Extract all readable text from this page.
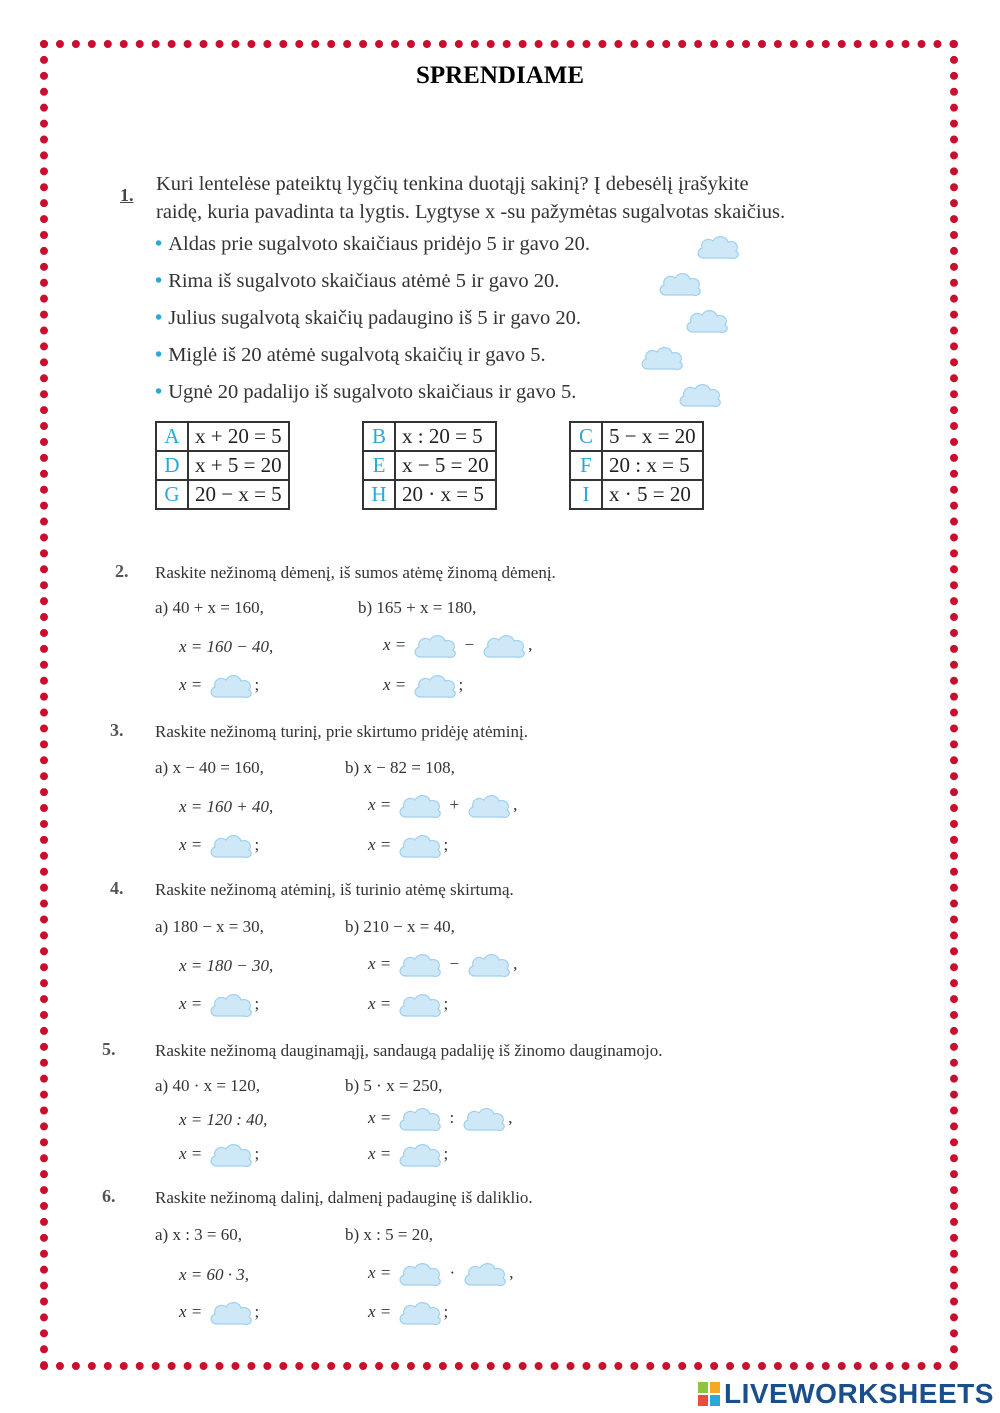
SPRENDIAME
1. Kuri lentelėse pateiktų lygčių tenkina duotąjį sakinį? Į debesėlį įrašykite
raidę, kuria pavadinta ta lygtis. Lygtyse x -su pažymėtas sugalvotas skaičius.
• Aldas prie sugalvoto skaičiaus pridėjo 5 ir gavo 20.
• Rima iš sugalvoto skaičiaus atėmė 5 ir gavo 20.
• Julius sugalvotą skaičių padaugino iš 5 ir gavo 20.
• Miglė iš 20 atėmė sugalvotą skaičių ir gavo 5.
• Ugnė 20 padalijo iš sugalvoto skaičiaus ir gavo 5.
A	x + 20 = 5
D	x + 5 = 20
G	20 − x = 5
B	x : 20 = 5
E	x − 5 = 20
H	20 · x = 5
C	5 − x = 20
F	20 : x = 5
I	x · 5 = 20
2. Raskite nežinomą dėmenį, iš sumos atėmę žinomą dėmenį.
a) 40 + x = 160,	b) 165 + x = 180,
x = 160 − 40,
x =	;
x =	−	,
x =	;
3. Raskite nežinomą turinį, prie skirtumo pridėję atėminį.
a) x − 40 = 160,	b) x − 82 = 108,
x = 160 + 40,
x =	;
x =	+	,
x =	;
4. Raskite nežinomą atėminį, iš turinio atėmę skirtumą.
a) 180 − x = 30,	b) 210 − x = 40,
x = 180 − 30,
x =	;
x =	−	,
x =	;
5. Raskite nežinomą dauginamąjį, sandaugą padaliję iš žinomo dauginamojo.
a) 40 · x = 120,	b) 5 · x = 250,
x = 120 : 40,
x =	;
x =	:	,
x =	;
6. Raskite nežinomą dalinį, dalmenį padauginę iš daliklio.
a) x : 3 = 60,	b) x : 5 = 20,
x = 60 · 3,
x =	;
x =	·	,
x =	;
LIVEWORKSHEETS
